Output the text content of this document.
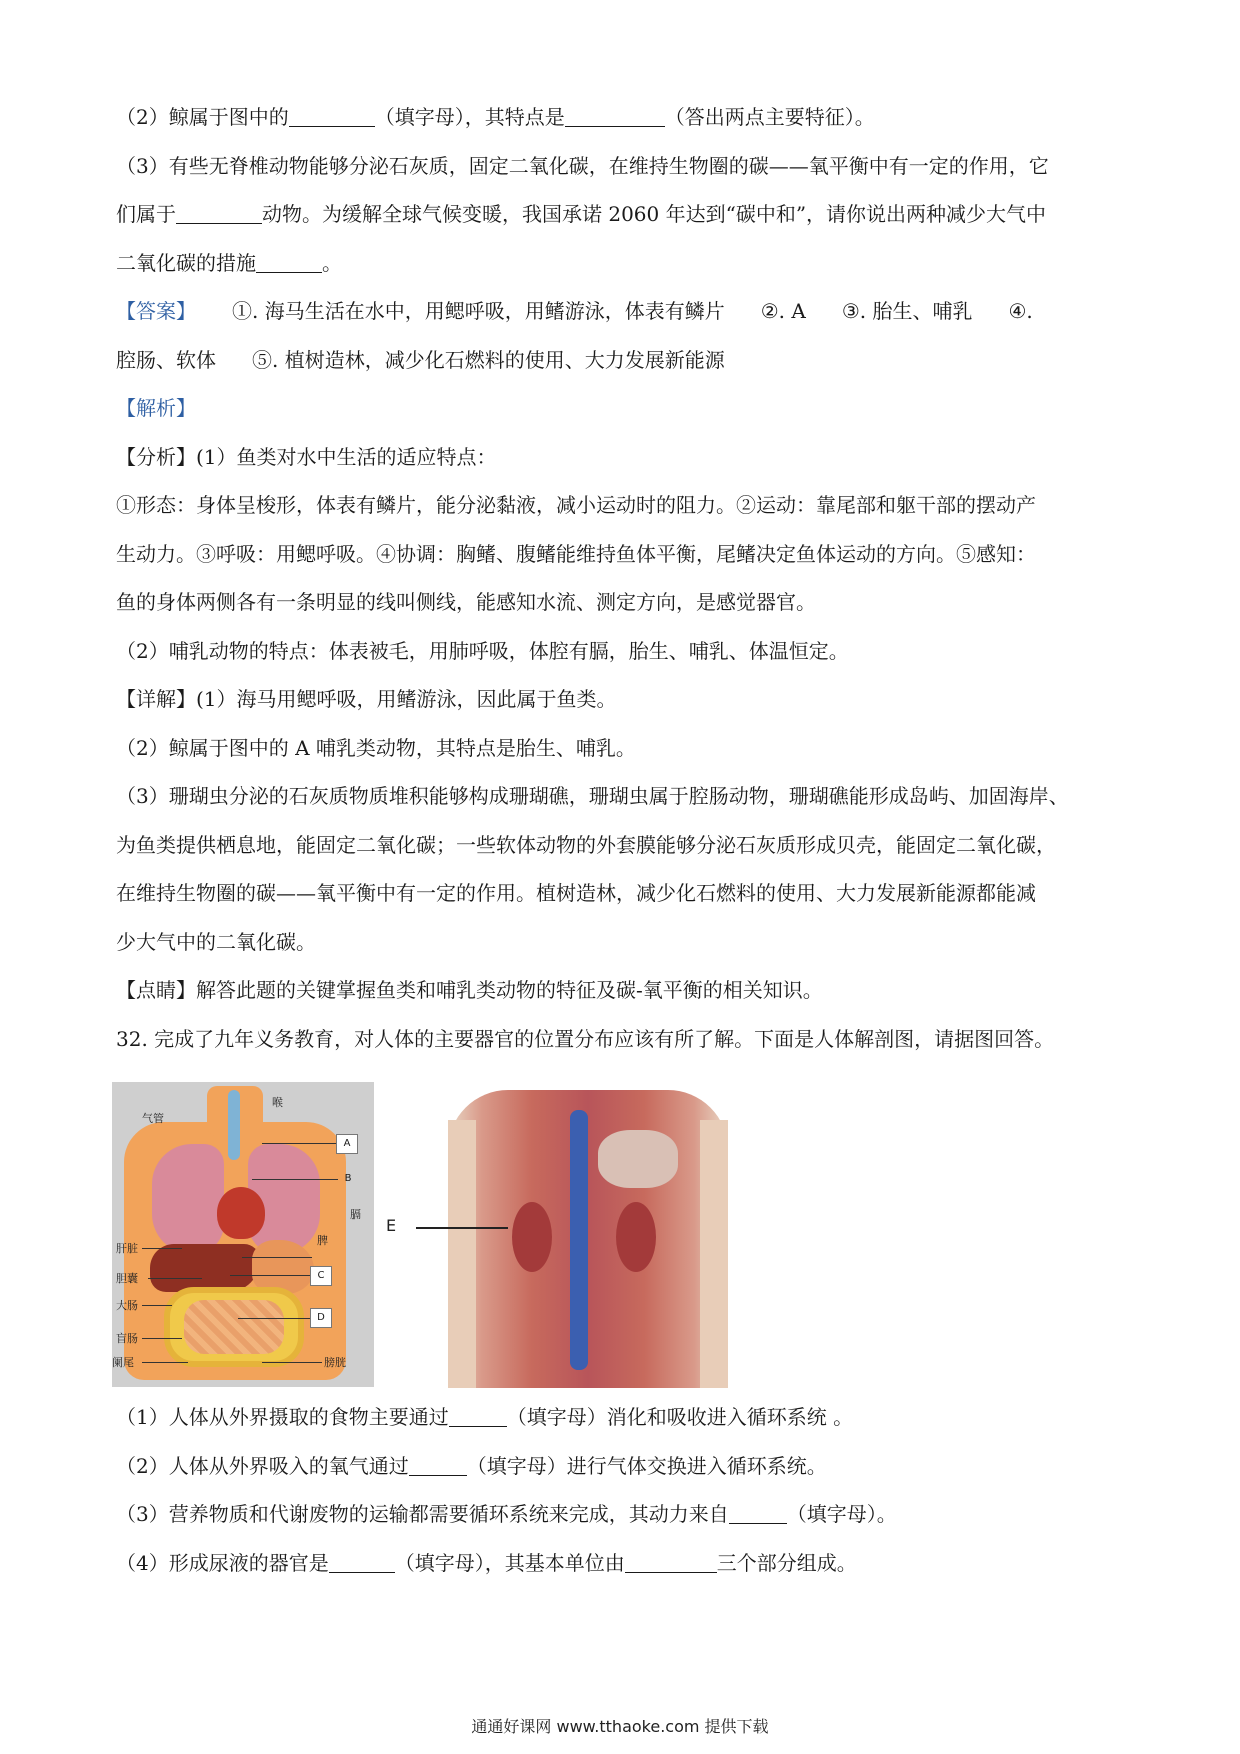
（2）鲸属于图中的	（填字母），其特点是	（答出两点主要特征）。
（3）有些无脊椎动物能够分泌石灰质，固定二氧化碳，在维持生物圈的碳——氧平衡中有一定的作用，它
们属于	动物。为缓解全球气候变暖，我国承诺 2060 年达到“碳中和”，请你说出两种减少大气中
二氧化碳的措施	。
【答案】 ①. 海马生活在水中，用鳃呼吸，用鳍游泳，体表有鳞片 ②. A ③. 胎生、哺乳 ④.
腔肠、软体 ⑤. 植树造林，减少化石燃料的使用、大力发展新能源
【解析】
【分析】(1）鱼类对水中生活的适应特点：
①形态：身体呈梭形，体表有鳞片，能分泌黏液，减小运动时的阻力。②运动：靠尾部和躯干部的摆动产
生动力。③呼吸：用鳃呼吸。④协调：胸鳍、腹鳍能维持鱼体平衡，尾鳍决定鱼体运动的方向。⑤感知：
鱼的身体两侧各有一条明显的线叫侧线，能感知水流、测定方向，是感觉器官。
（2）哺乳动物的特点：体表被毛，用肺呼吸，体腔有膈，胎生、哺乳、体温恒定。
【详解】(1）海马用鳃呼吸，用鳍游泳，因此属于鱼类。
（2）鲸属于图中的 A 哺乳类动物，其特点是胎生、哺乳。
（3）珊瑚虫分泌的石灰质物质堆积能够构成珊瑚礁，珊瑚虫属于腔肠动物，珊瑚礁能形成岛屿、加固海岸、
为鱼类提供栖息地，能固定二氧化碳；一些软体动物的外套膜能够分泌石灰质形成贝壳，能固定二氧化碳，
在维持生物圈的碳——氧平衡中有一定的作用。植树造林，减少化石燃料的使用、大力发展新能源都能减
少大气中的二氧化碳。
【点睛】解答此题的关键掌握鱼类和哺乳类动物的特征及碳-氧平衡的相关知识。
32. 完成了九年义务教育，对人体的主要器官的位置分布应该有所了解。下面是人体解剖图，请据图回答。
气管
喉
膈
肝脏
脾
胆囊
大肠
盲肠
阑尾	膀胱
A
B
C
D
E
（1）人体从外界摄取的食物主要通过	（填字母）消化和吸收进入循环系统 。
（2）人体从外界吸入的氧气通过	（填字母）进行气体交换进入循环系统。
（3）营养物质和代谢废物的运输都需要循环系统来完成，其动力来自	（填字母）。
（4）形成尿液的器官是	（填字母），其基本单位由	三个部分组成。
通通好课网 www.tthaoke.com 提供下载
